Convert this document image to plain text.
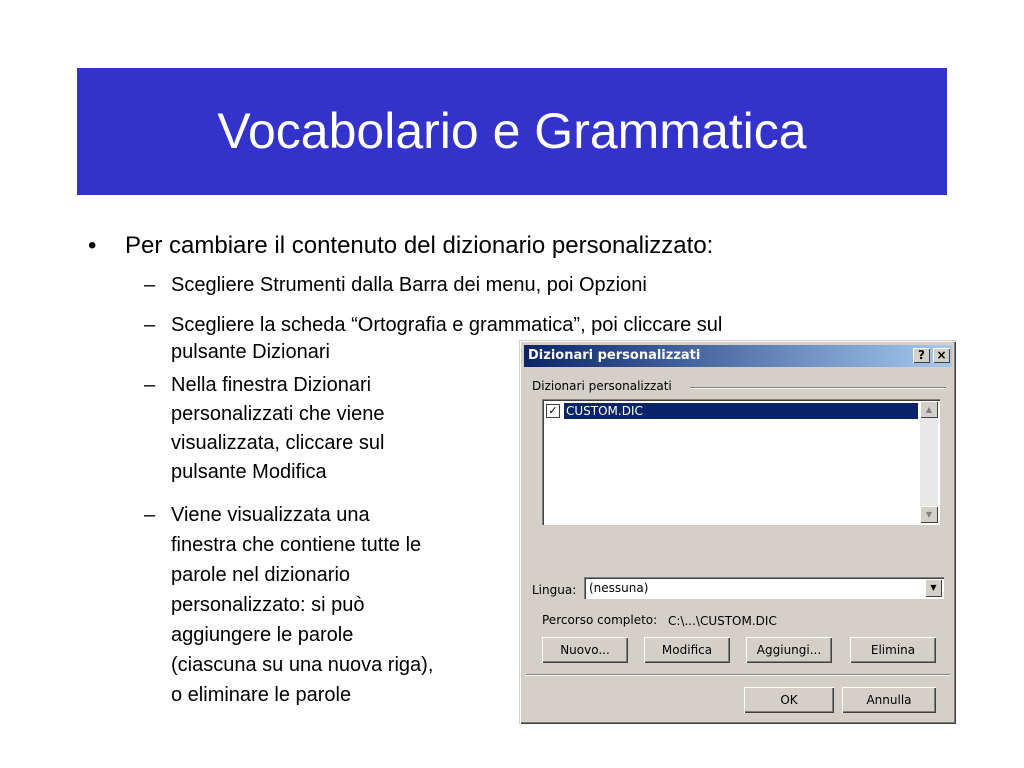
Vocabolario e Grammatica
• Per cambiare il contenuto del dizionario personalizzato:
– Scegliere Strumenti dalla Barra dei menu, poi Opzioni
– Scegliere la scheda “Ortografia e grammatica”, poi cliccare sul
pulsante Dizionari
– Nella finestra Dizionari
personalizzati che viene
visualizzata, cliccare sul
pulsante Modifica
– Viene visualizzata una
finestra che contiene tutte le
parole nel dizionario
personalizzato: si può
aggiungere le parole
(ciascuna su una nuova riga),
o eliminare le parole
Dizionari personalizzati	? ×
Dizionari personalizzati
✓ CUSTOM.DIC	▲
▼
Lingua: (nessuna)	▼
Percorso completo: C:\...\CUSTOM.DIC
Nuovo...	Modifica	Aggiungi...	Elimina
OK	Annulla
